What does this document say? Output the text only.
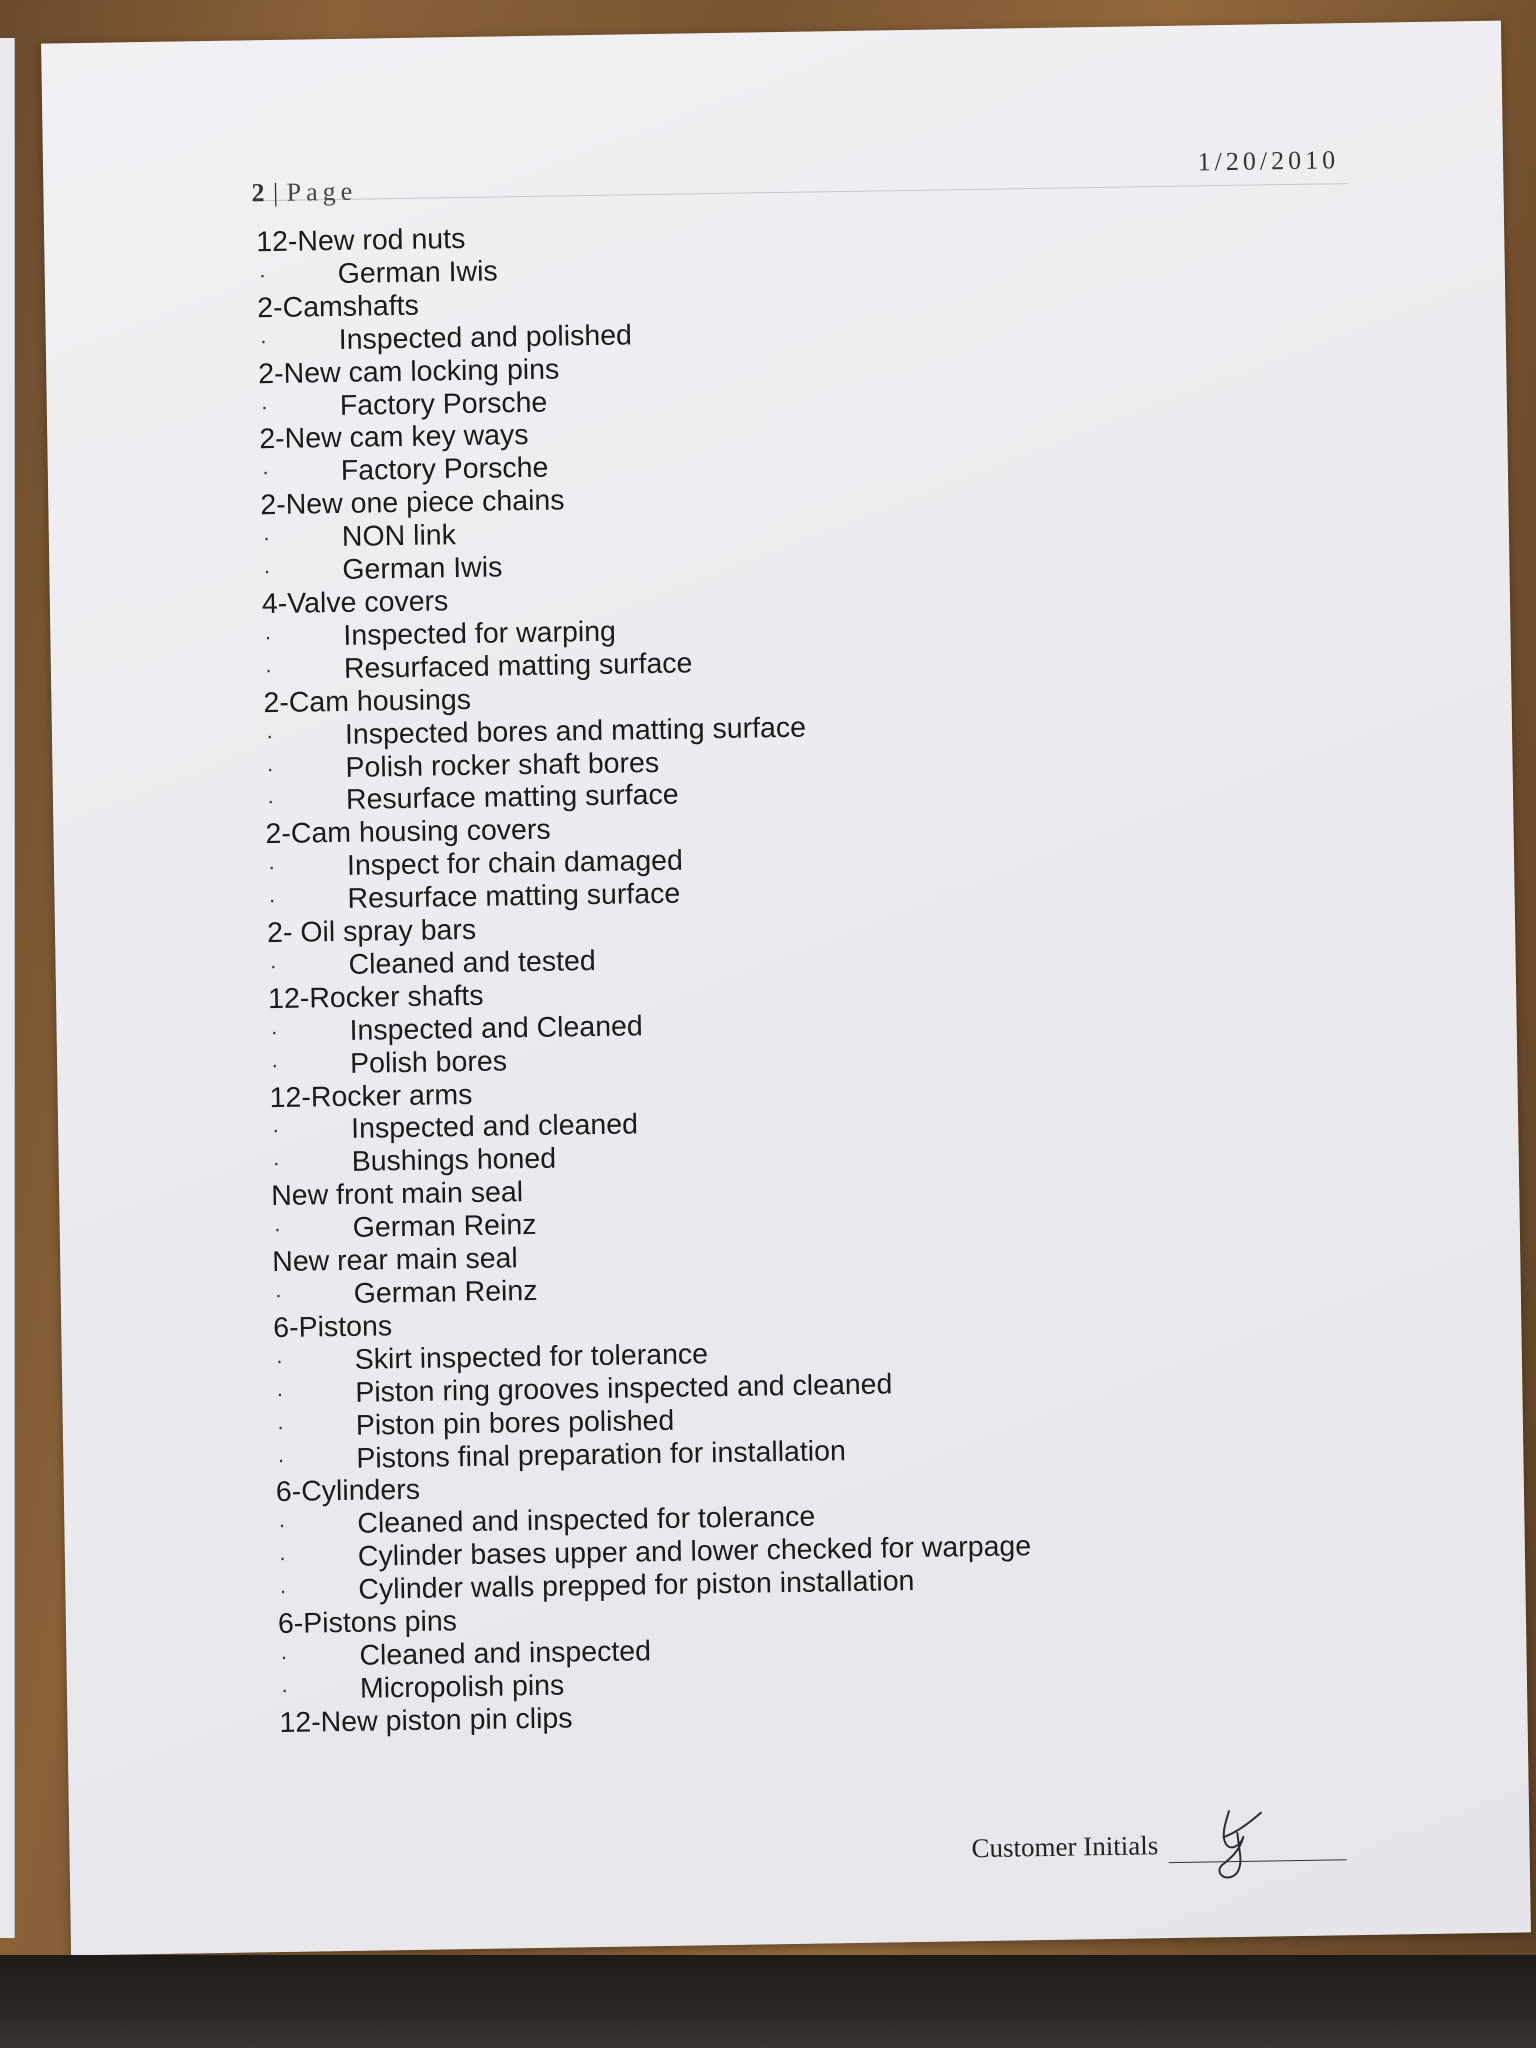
2 | Page
1/20/2010
12-New rod nuts
· German Iwis
2-Camshafts
· Inspected and polished
2-New cam locking pins
· Factory Porsche
2-New cam key ways
· Factory Porsche
2-New one piece chains
· NON link
· German Iwis
4-Valve covers
· Inspected for warping
· Resurfaced matting surface
2-Cam housings
· Inspected bores and matting surface
· Polish rocker shaft bores
· Resurface matting surface
2-Cam housing covers
· Inspect for chain damaged
· Resurface matting surface
2- Oil spray bars
· Cleaned and tested
12-Rocker shafts
· Inspected and Cleaned
· Polish bores
12-Rocker arms
· Inspected and cleaned
· Bushings honed
New front main seal
· German Reinz
New rear main seal
· German Reinz
6-Pistons
· Skirt inspected for tolerance
· Piston ring grooves inspected and cleaned
· Piston pin bores polished
· Pistons final preparation for installation
6-Cylinders
· Cleaned and inspected for tolerance
· Cylinder bases upper and lower checked for warpage
· Cylinder walls prepped for piston installation
6-Pistons pins
· Cleaned and inspected
· Micropolish pins
12-New piston pin clips
Customer Initials
